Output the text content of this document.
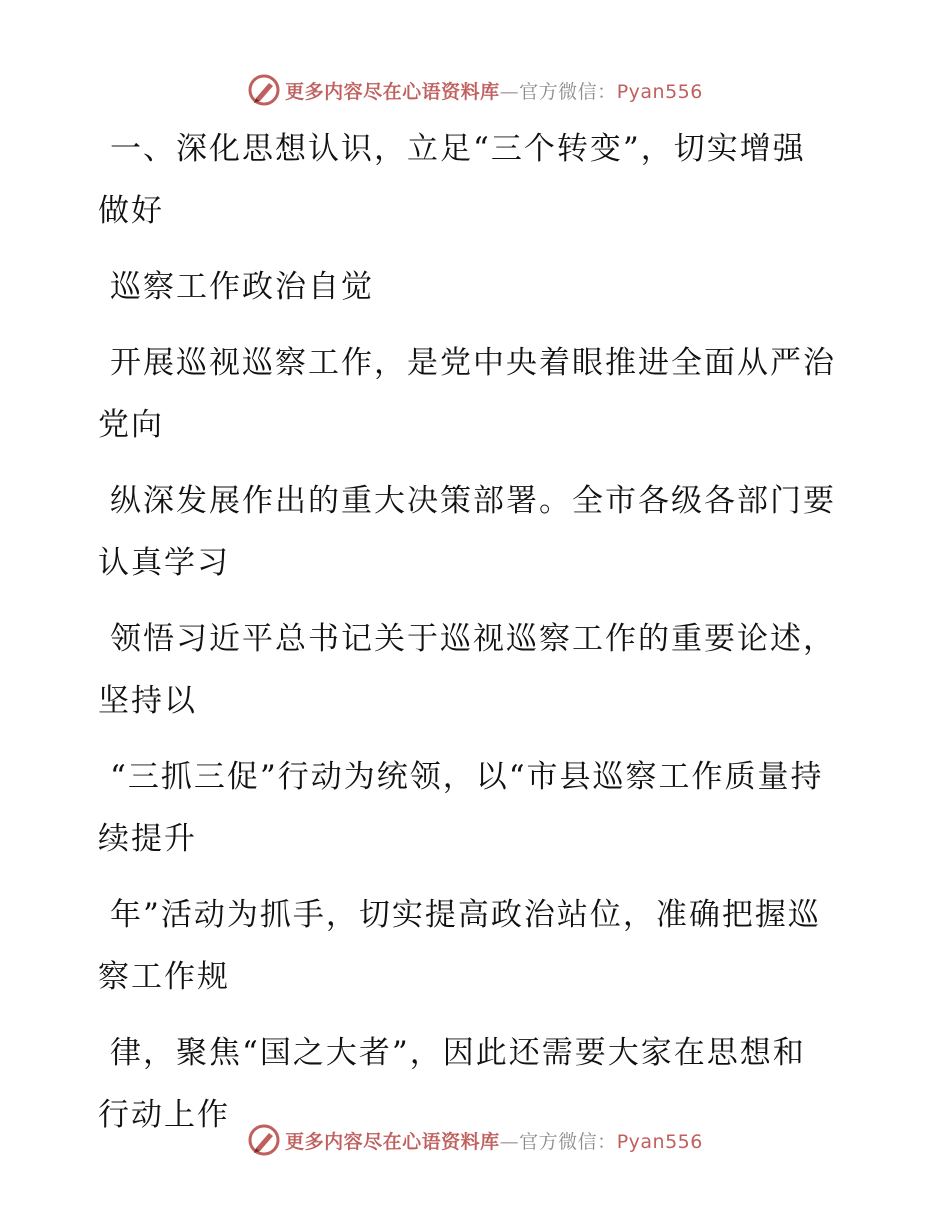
更多内容尽在心语资料库—官方微信：Pyan556

一、深化思想认识，立足“三个转变”，切实增强做好

巡察工作政治自觉

开展巡视巡察工作，是党中央着眼推进全面从严治党向

纵深发展作出的重大决策部署。全市各级各部门要认真学习

领悟习近平总书记关于巡视巡察工作的重要论述，坚持以

“三抓三促”行动为统领，以“市县巡察工作质量持续提升

年”活动为抓手，切实提高政治站位，准确把握巡察工作规

律，聚焦“国之大者”，因此还需要大家在思想和行动上作

更多内容尽在心语资料库—官方微信：Pyan556
